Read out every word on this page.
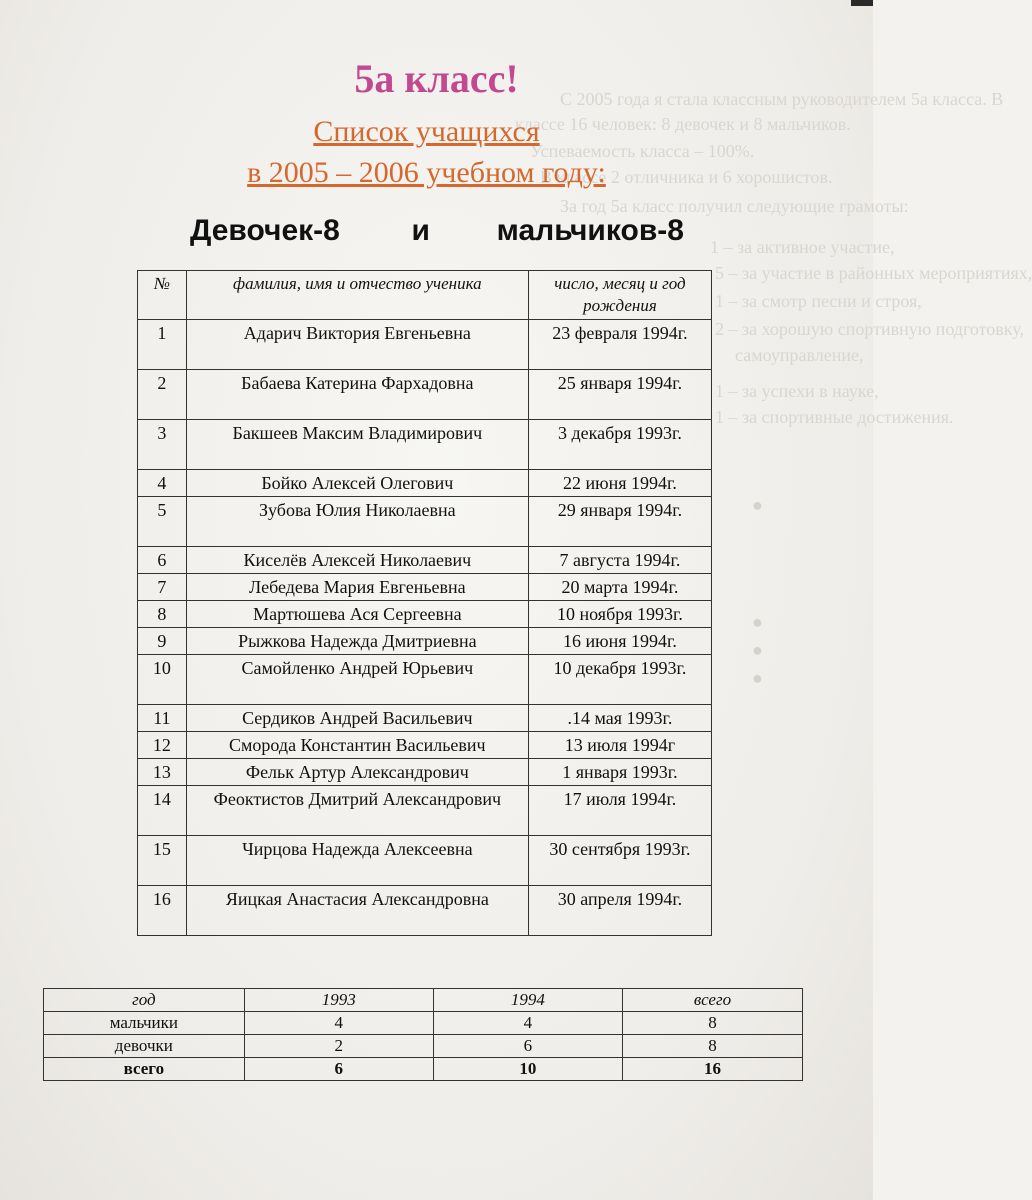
С 2005 года я стала классным руководителем 5а класса. В
классе 16 человек: 8 девочек и 8 мальчиков.
Успеваемость класса – 100%.
В классе 2 отличника и 6 хорошистов.
За год 5а класс получил следующие грамоты:
1 – за активное участие,
5 – за участие в районных мероприятиях,
1 – за смотр песни и строя,
2 – за хорошую спортивную подготовку,
самоуправление,
1 – за успехи в науке,
1 – за спортивные достижения.
●
●
●
●
5а класс!
Список учащихся
в 2005 – 2006 учебном году:
Девочек-8 и мальчиков-8
№	фамилия, имя и отчество ученика	число, месяц и год рождения
1	Адарич Виктория Евгеньевна	23 февраля 1994г.
2	Бабаева Катерина Фархадовна	25 января 1994г.
3	Бакшеев Максим Владимирович	3 декабря 1993г.
4	Бойко Алексей Олегович	22 июня 1994г.
5	Зубова Юлия Николаевна	29 января 1994г.
6	Киселёв Алексей Николаевич	7 августа 1994г.
7	Лебедева Мария Евгеньевна	20 марта 1994г.
8	Мартюшева Ася Сергеевна	10 ноября 1993г.
9	Рыжкова Надежда Дмитриевна	16 июня 1994г.
10	Самойленко Андрей Юрьевич	10 декабря 1993г.
11	Сердиков Андрей Васильевич	.14 мая 1993г.
12	Сморода Константин Васильевич	13 июля 1994г
13	Фельк Артур Александрович	1 января 1993г.
14	Феоктистов Дмитрий Александрович	17 июля 1994г.
15	Чирцова Надежда Алексеевна	30 сентября 1993г.
16	Яицкая Анастасия Александровна	30 апреля 1994г.
год	1993	1994	всего
мальчики	4	4	8
девочки	2	6	8
всего	6	10	16
